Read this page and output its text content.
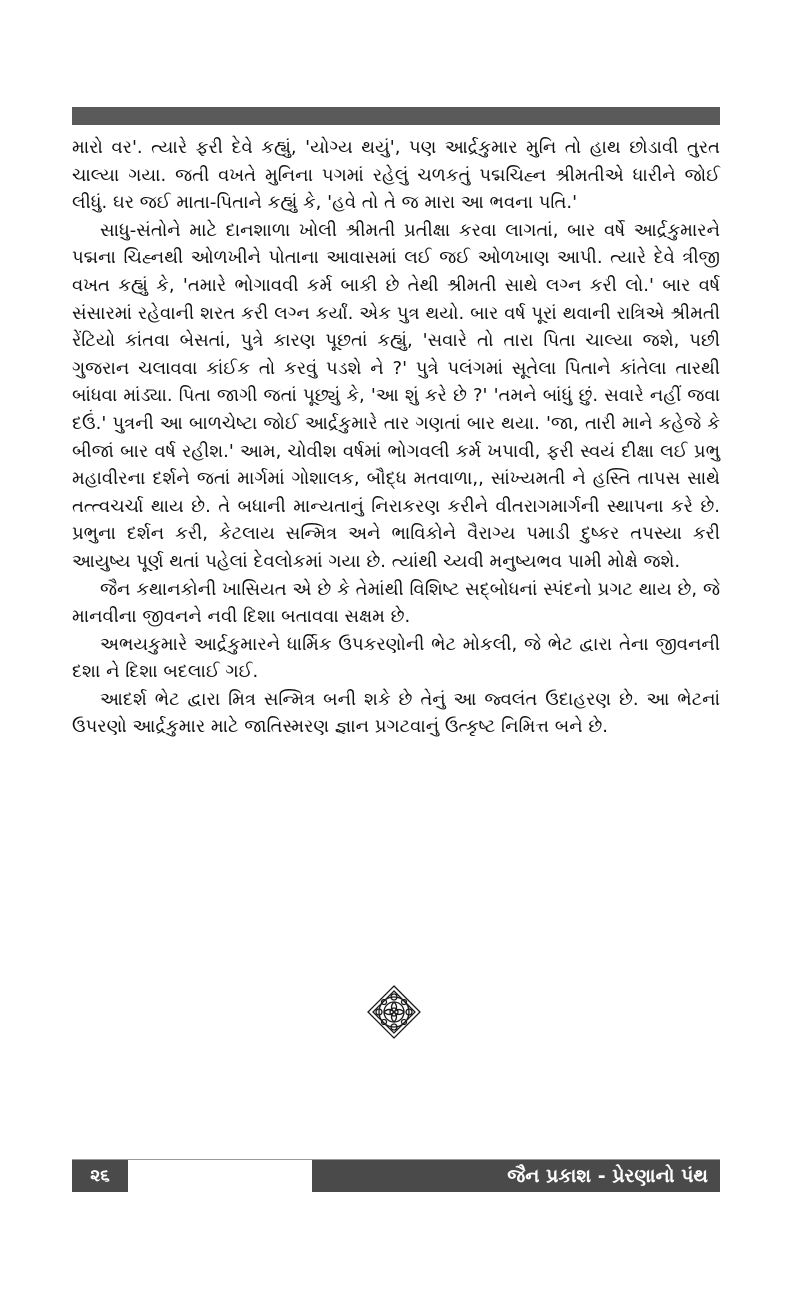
મારો વર'. ત્યારે ફરી દેવે કહ્યું, 'યોગ્ય થયું', પણ આર્દ્રકુમાર મુનિ તો હાથ છોડાવી તુરત ચાલ્યા ગયા. જતી વખતે મુનિના પગમાં રહેલું ચળકતું પદ્મચિહ્ન શ્રીમતીએ ધારીને જોઈ લીધું. ઘર જઈ માતા-પિતાને કહ્યું કે, 'હવે તો તે જ મારા આ ભવના પતિ.'

સાધુ-સંતોને માટે દાનશાળા ખોલી શ્રીમતી પ્રતીક્ષા કરવા લાગતાં, બાર વર્ષે આર્દ્રકુમારને પદ્મના ચિહ્નથી ઓળખીને પોતાના આવાસમાં લઈ જઈ ઓળખાણ આપી. ત્યારે દેવે ત્રીજી વખત કહ્યું કે, 'તમારે ભોગાવવી કર્મ બાકી છે તેથી શ્રીમતી સાથે લગ્ન કરી લો.' બાર વર્ષ સંસારમાં રહેવાની શરત કરી લગ્ન કર્યાં. એક પુત્ર થયો. બાર વર્ષ પૂરાં થવાની રાત્રિએ શ્રીમતી રેંટિયો કાંતવા બેસતાં, પુત્રે કારણ પૂછતાં કહ્યું, 'સવારે તો તારા પિતા ચાલ્યા જશે, પછી ગુજરાન ચલાવવા કાંઈક તો કરવું પડશે ને ?' પુત્રે પલંગમાં સૂતેલા પિતાને કાંતેલા તારથી બાંધવા માંડ્યા. પિતા જાગી જતાં પૂછ્યું કે, 'આ શું કરે છે ?' 'તમને બાંધું છું. સવારે નહીં જવા દઉં.' પુત્રની આ બાળચેષ્ટા જોઈ આર્દ્રકુમારે તાર ગણતાં બાર થયા. 'જા, તારી માને કહેજે કે બીજાં બાર વર્ષ રહીશ.' આમ, ચોવીશ વર્ષમાં ભોગવલી કર્મ ખપાવી, ફરી સ્વયં દીક્ષા લઈ પ્રભુ મહાવીરના દર્શને જતાં માર્ગમાં ગોશાલક, બૌદ્ધ મતવાળા,, સાંખ્યમતી ને હસ્તિ તાપસ સાથે તત્ત્વચર્ચા થાય છે. તે બધાની માન્યતાનું નિરાકરણ કરીને વીતરાગમાર્ગની સ્થાપના કરે છે. પ્રભુના દર્શન કરી, કેટલાય સન્મિત્ર અને ભાવિકોને વૈરાગ્ય પમાડી દુષ્કર તપસ્યા કરી આયુષ્ય પૂર્ણ થતાં પહેલાં દેવલોકમાં ગયા છે. ત્યાંથી ચ્યવી મનુષ્યભવ પામી મોક્ષે જશે.

જૈન કથાનકોની ખાસિયત એ છે કે તેમાંથી વિશિષ્ટ સદ્બોધનાં સ્પંદનો પ્રગટ થાય છે, જે માનવીના જીવનને નવી દિશા બતાવવા સક્ષમ છે.

અભયકુમારે આર્દ્રકુમારને ધાર્મિક ઉપકરણોની ભેટ મોકલી, જે ભેટ દ્વારા તેના જીવનની દશા ને દિશા બદલાઈ ગઈ.

આદર્શ ભેટ દ્વારા મિત્ર સન્મિત્ર બની શકે છે તેનું આ જ્વલંત ઉદાહરણ છે. આ ભેટનાં ઉપરણો આર્દ્રકુમાર માટે જાતિસ્મરણ જ્ઞાન પ્રગટવાનું ઉત્કૃષ્ટ નિમિત્ત બને છે.

૨૬	જૈન પ્રકાશ - પ્રેરણાનો પંથ
